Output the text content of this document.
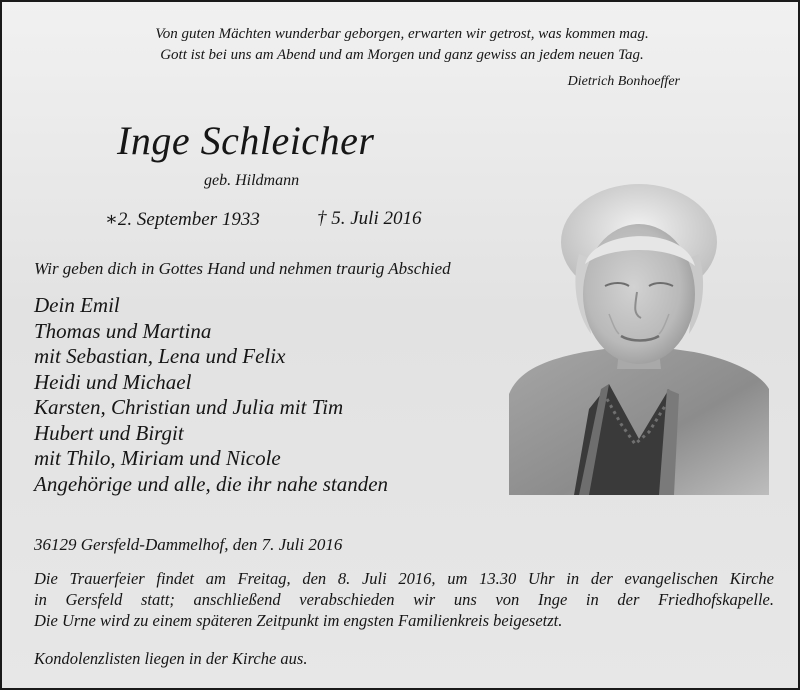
Von guten Mächten wunderbar geborgen, erwarten wir getrost, was kommen mag.
Gott ist bei uns am Abend und am Morgen und ganz gewiss an jedem neuen Tag.
Dietrich Bonhoeffer
Inge Schleicher
geb. Hildmann
∗2. September 1933	† 5. Juli 2016
Wir geben dich in Gottes Hand und nehmen traurig Abschied
Dein Emil
Thomas und Martina
mit Sebastian, Lena und Felix
Heidi und Michael
Karsten, Christian und Julia mit Tim
Hubert und Birgit
mit Thilo, Miriam und Nicole
Angehörige und alle, die ihr nahe standen
36129 Gersfeld-Dammelhof, den 7. Juli 2016
Die Trauerfeier findet am Freitag, den 8. Juli 2016, um 13.30 Uhr in der evangelischen Kirche
in Gersfeld statt; anschließend verabschieden wir uns von Inge in der Friedhofskapelle.
Die Urne wird zu einem späteren Zeitpunkt im engsten Familienkreis beigesetzt.
Kondolenzlisten liegen in der Kirche aus.
